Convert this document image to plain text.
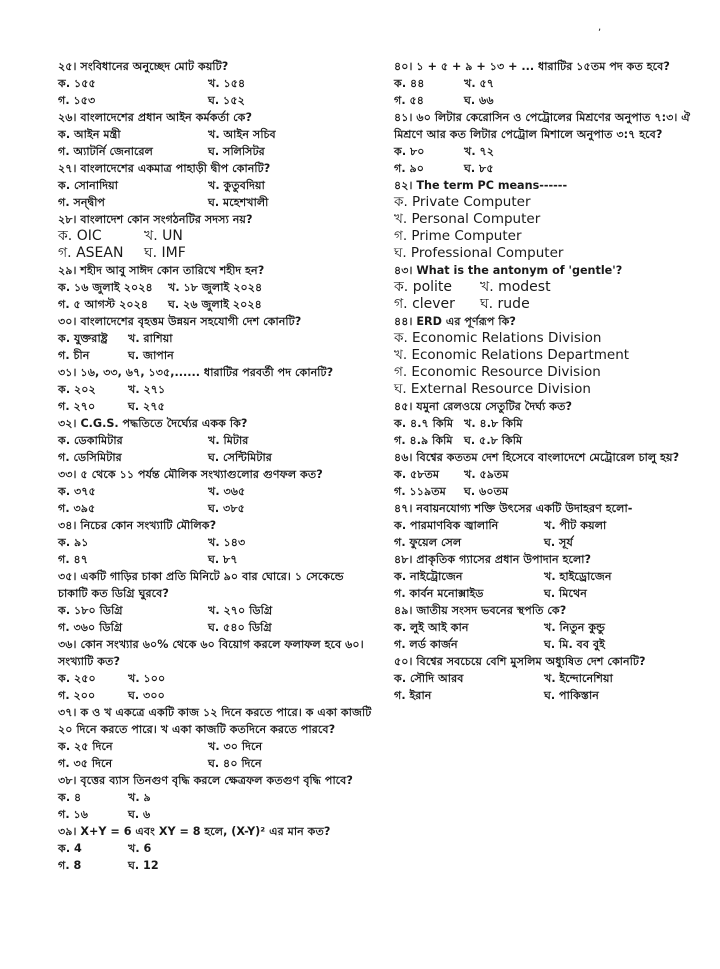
,
২৫। সংবিধানের অনুচ্ছেদ মোট কয়টি?
ক. ১৫৫	খ. ১৫৪
গ. ১৫৩	ঘ. ১৫২
২৬। বাংলাদেশের প্রধান আইন কর্মকর্তা কে?
ক. আইন মন্ত্রী	খ. আইন সচিব
গ. অ্যাটর্নি জেনারেল	ঘ. সলিসিটর
২৭। বাংলাদেশের একমাত্র পাহাড়ী দ্বীপ কোনটি?
ক. সোনাদিয়া	খ. কুতুবদিয়া
গ. সন্দ্বীপ	ঘ. মহেশখালী
২৮। বাংলাদেশ কোন সংগঠনটির সদস্য নয়?
ক. OIC	খ. UN
গ. ASEAN	ঘ. IMF
২৯। শহীদ আবু সাঈদ কোন তারিখে শহীদ হন?
ক. ১৬ জুলাই ২০২৪	খ. ১৮ জুলাই ২০২৪
গ. ৫ আগস্ট ২০২৪	ঘ. ২৬ জুলাই ২০২৪
৩০। বাংলাদেশের বৃহত্তম উন্নয়ন সহযোগী দেশ কোনটি?
ক. যুক্তরাষ্ট্র	খ. রাশিয়া
গ. চীন	ঘ. জাপান
৩১। ১৬, ৩৩, ৬৭, ১৩৫,...... ধারাটির পরবর্তী পদ কোনটি?
ক. ২০২	খ. ২৭১
গ. ২৭০	ঘ. ২৭৫
৩২। C.G.S. পদ্ধতিতে দৈর্ঘ্যের একক কি?
ক. ডেকামিটার	খ. মিটার
গ. ডেসিমিটার	ঘ. সেন্টিমিটার
৩৩। ৫ থেকে ১১ পর্যন্ত মৌলিক সংখ্যাগুলোর গুণফল কত?
ক. ৩৭৫	খ. ৩৬৫
গ. ৩৯৫	ঘ. ৩৮৫
৩৪। নিচের কোন সংখ্যাটি মৌলিক?
ক. ৯১	খ. ১৪৩
গ. ৪৭	ঘ. ৮৭
৩৫। একটি গাড়ির চাকা প্রতি মিনিটে ৯০ বার ঘোরে। ১ সেকেন্ডে চাকাটি কত ডিগ্রি ঘুরবে?
ক. ১৮০ ডিগ্রি	খ. ২৭০ ডিগ্রি
গ. ৩৬০ ডিগ্রি	ঘ. ৫৪০ ডিগ্রি
৩৬। কোন সংখ্যার ৬০% থেকে ৬০ বিয়োগ করলে ফলাফল হবে ৬০। সংখ্যাটি কত?
ক. ২৫০	খ. ১০০
গ. ২০০	ঘ. ৩০০
৩৭। ক ও খ একত্রে একটি কাজ ১২ দিনে করতে পারে। ক একা কাজটি ২০ দিনে করতে পারে। খ একা কাজটি কতদিনে করতে পারবে?
ক. ২৫ দিনে	খ. ৩০ দিনে
গ. ৩৫ দিনে	ঘ. ৪০ দিনে
৩৮। বৃত্তের ব্যাস তিনগুণ বৃদ্ধি করলে ক্ষেত্রফল কতগুণ বৃদ্ধি পাবে?
ক. ৪	খ. ৯
গ. ১৬	ঘ. ৬
৩৯। X+Y = 6 এবং XY = 8 হলে, (X-Y)² এর মান কত?
ক. 4	খ. 6
গ. 8	ঘ. 12
৪০। ১ + ৫ + ৯ + ১৩ + ... ধারাটির ১৫তম পদ কত হবে?
ক. ৪৪	খ. ৫৭
গ. ৫৪	ঘ. ৬৬
৪১। ৬০ লিটার কেরোসিন ও পেট্রোলের মিশ্রণের অনুপাত ৭:৩। ঐ মিশ্রণে আর কত লিটার পেট্রোল মিশালে অনুপাত ৩:৭ হবে?
ক. ৮০	খ. ৭২
গ. ৯০	ঘ. ৮৫
৪২। The term PC means------
ক. Private Computer
খ. Personal Computer
গ. Prime Computer
ঘ. Professional Computer
৪৩। What is the antonym of 'gentle'?
ক. polite	খ. modest
গ. clever	ঘ. rude
৪৪। ERD এর পূর্ণরূপ কি?
ক. Economic Relations Division
খ. Economic Relations Department
গ. Economic Resource Division
ঘ. External Resource Division
৪৫। যমুনা রেলওয়ে সেতুটির দৈর্ঘ্য কত?
ক. ৪.৭ কিমি খ. ৪.৮ কিমি
গ. ৪.৯ কিমি	ঘ. ৫.৮ কিমি
৪৬। বিশ্বের কততম দেশ হিসেবে বাংলাদেশে মেট্রোরেল চালু হয়?
ক. ৫৮তম	খ. ৫৯তম
গ. ১১৯তম	ঘ. ৬০তম
৪৭। নবায়নযোগ্য শক্তি উৎসের একটি উদাহরণ হলো-
ক. পারমাণবিক জ্বালানি	খ. পীট কয়লা
গ. ফুয়েল সেল	ঘ. সূর্য
৪৮। প্রাকৃতিক গ্যাসের প্রধান উপাদান হলো?
ক. নাইট্রোজেন	খ. হাইড্রোজেন
গ. কার্বন মনোক্সাইড	ঘ. মিথেন
৪৯। জাতীয় সংসদ ভবনের স্থপতি কে?
ক. লুই আই কান	খ. নিতুন কুন্ডু
গ. লর্ড কার্জন	ঘ. মি. বব বুই
৫০। বিশ্বের সবচেয়ে বেশি মুসলিম অধ্যুষিত দেশ কোনটি?
ক. সৌদি আরব	খ. ইন্দোনেশিয়া
গ. ইরান	ঘ. পাকিস্তান
